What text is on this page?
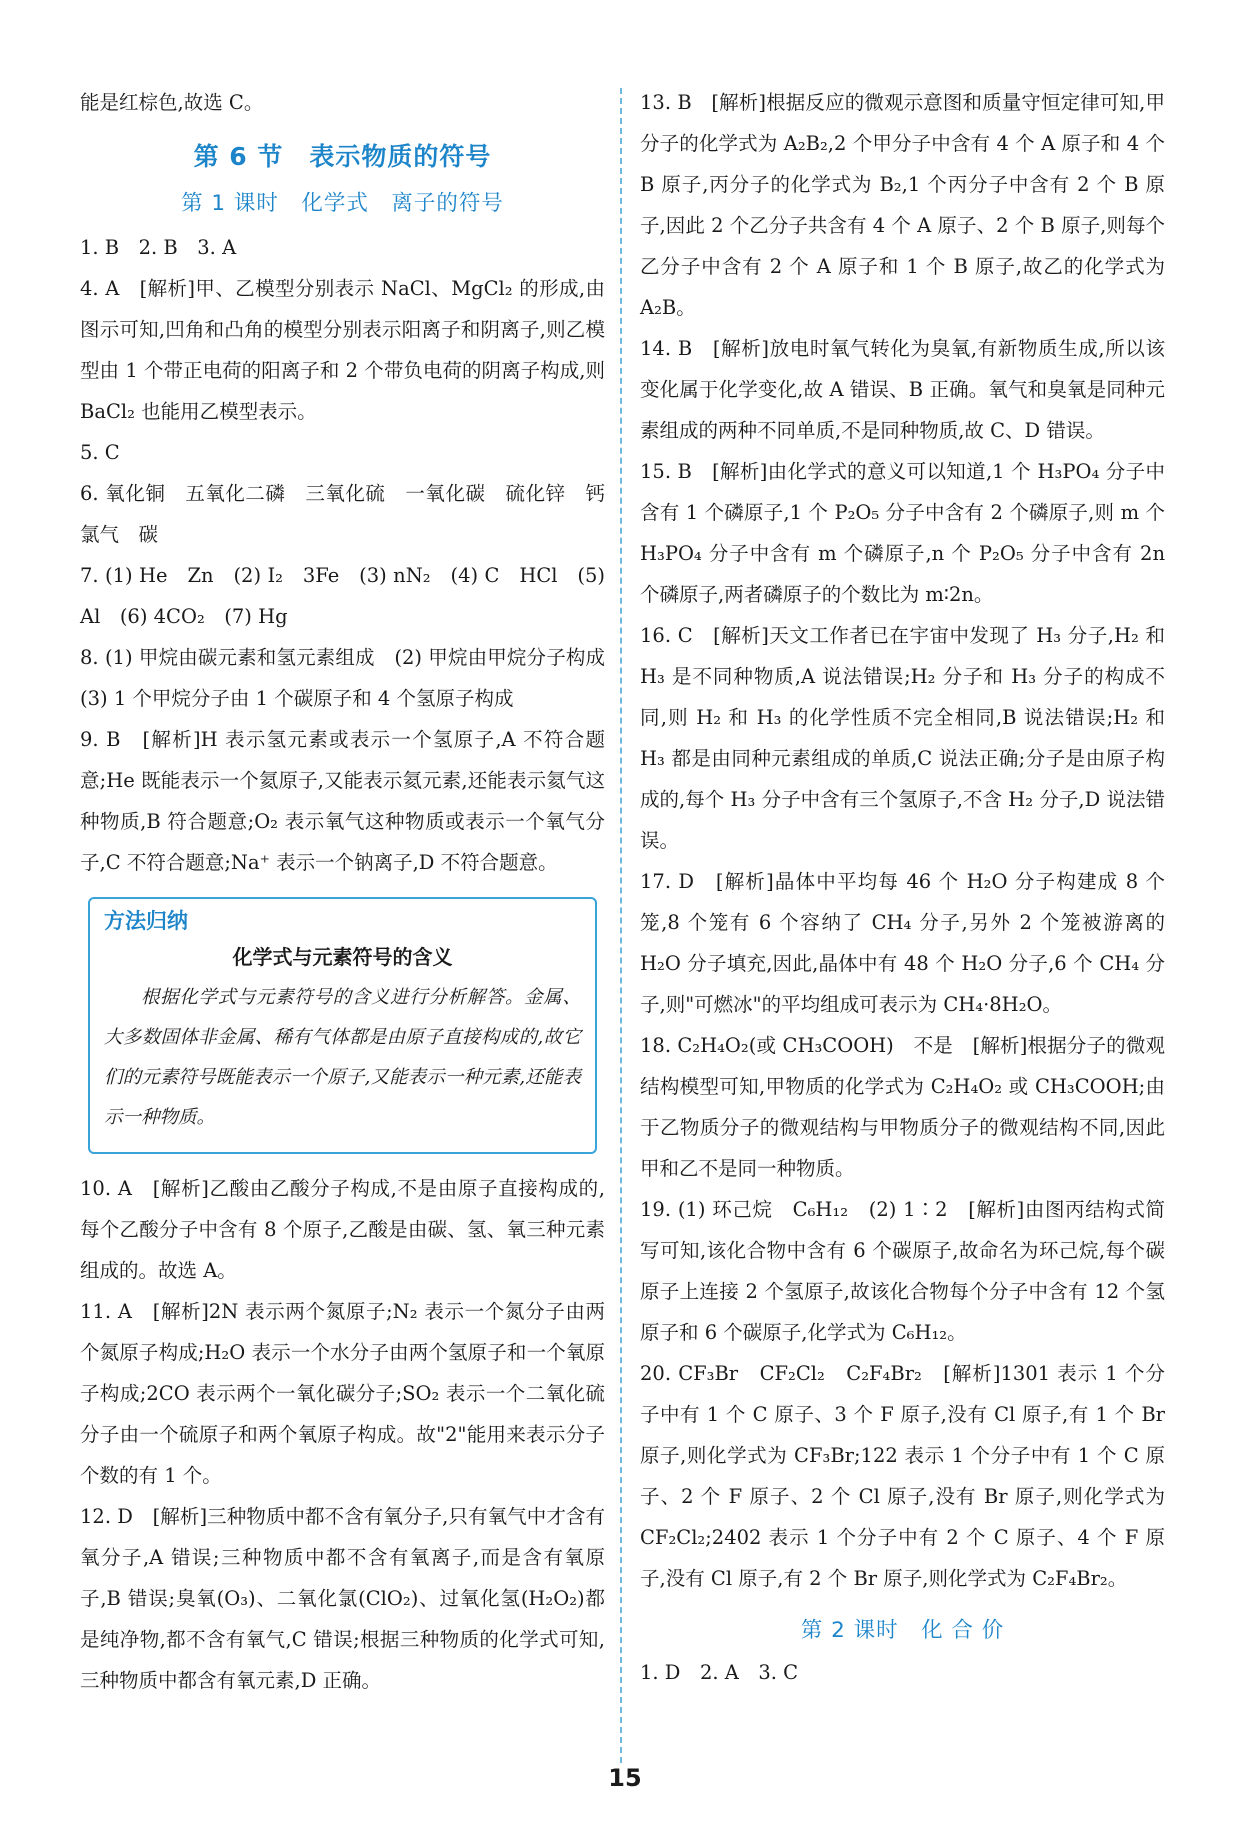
能是红棕色,故选 C。

第 6 节　表示物质的符号
第 1 课时　化学式　离子的符号

1. B　2. B　3. A

4. A　[解析]甲、乙模型分别表示 NaCl、MgCl₂ 的形成,由图示可知,凹角和凸角的模型分别表示阳离子和阴离子,则乙模型由 1 个带正电荷的阳离子和 2 个带负电荷的阴离子构成,则 BaCl₂ 也能用乙模型表示。

5. C

6. 氧化铜　五氧化二磷　三氧化硫　一氧化碳　硫化锌　钙　氯气　碳

7. (1) He　Zn　(2) I₂　3Fe　(3) nN₂　(4) C　HCl　(5) Al　(6) 4CO₂　(7) Hg

8. (1) 甲烷由碳元素和氢元素组成　(2) 甲烷由甲烷分子构成　(3) 1 个甲烷分子由 1 个碳原子和 4 个氢原子构成

9. B　[解析]H 表示氢元素或表示一个氢原子,A 不符合题意;He 既能表示一个氦原子,又能表示氦元素,还能表示氦气这种物质,B 符合题意;O₂ 表示氧气这种物质或表示一个氧气分子,C 不符合题意;Na⁺ 表示一个钠离子,D 不符合题意。

方法归纳
化学式与元素符号的含义

根据化学式与元素符号的含义进行分析解答。金属、大多数固体非金属、稀有气体都是由原子直接构成的,故它们的元素符号既能表示一个原子,又能表示一种元素,还能表示一种物质。

10. A　[解析]乙酸由乙酸分子构成,不是由原子直接构成的,每个乙酸分子中含有 8 个原子,乙酸是由碳、氢、氧三种元素组成的。故选 A。

11. A　[解析]2N 表示两个氮原子;N₂ 表示一个氮分子由两个氮原子构成;H₂O 表示一个水分子由两个氢原子和一个氧原子构成;2CO 表示两个一氧化碳分子;SO₂ 表示一个二氧化硫分子由一个硫原子和两个氧原子构成。故"2"能用来表示分子个数的有 1 个。

12. D　[解析]三种物质中都不含有氧分子,只有氧气中才含有氧分子,A 错误;三种物质中都不含有氧离子,而是含有氧原子,B 错误;臭氧(O₃)、二氧化氯(ClO₂)、过氧化氢(H₂O₂)都是纯净物,都不含有氧气,C 错误;根据三种物质的化学式可知,三种物质中都含有氧元素,D 正确。

13. B　[解析]根据反应的微观示意图和质量守恒定律可知,甲分子的化学式为 A₂B₂,2 个甲分子中含有 4 个 A 原子和 4 个 B 原子,丙分子的化学式为 B₂,1 个丙分子中含有 2 个 B 原子,因此 2 个乙分子共含有 4 个 A 原子、2 个 B 原子,则每个乙分子中含有 2 个 A 原子和 1 个 B 原子,故乙的化学式为 A₂B。

14. B　[解析]放电时氧气转化为臭氧,有新物质生成,所以该变化属于化学变化,故 A 错误、B 正确。氧气和臭氧是同种元素组成的两种不同单质,不是同种物质,故 C、D 错误。

15. B　[解析]由化学式的意义可以知道,1 个 H₃PO₄ 分子中含有 1 个磷原子,1 个 P₂O₅ 分子中含有 2 个磷原子,则 m 个 H₃PO₄ 分子中含有 m 个磷原子,n 个 P₂O₅ 分子中含有 2n 个磷原子,两者磷原子的个数比为 m∶2n。

16. C　[解析]天文工作者已在宇宙中发现了 H₃ 分子,H₂ 和 H₃ 是不同种物质,A 说法错误;H₂ 分子和 H₃ 分子的构成不同,则 H₂ 和 H₃ 的化学性质不完全相同,B 说法错误;H₂ 和 H₃ 都是由同种元素组成的单质,C 说法正确;分子是由原子构成的,每个 H₃ 分子中含有三个氢原子,不含 H₂ 分子,D 说法错误。

17. D　[解析]晶体中平均每 46 个 H₂O 分子构建成 8 个笼,8 个笼有 6 个容纳了 CH₄ 分子,另外 2 个笼被游离的 H₂O 分子填充,因此,晶体中有 48 个 H₂O 分子,6 个 CH₄ 分子,则"可燃冰"的平均组成可表示为 CH₄·8H₂O。

18. C₂H₄O₂(或 CH₃COOH)　不是　[解析]根据分子的微观结构模型可知,甲物质的化学式为 C₂H₄O₂ 或 CH₃COOH;由于乙物质分子的微观结构与甲物质分子的微观结构不同,因此甲和乙不是同一种物质。

19. (1) 环己烷　C₆H₁₂　(2) 1∶2　[解析]由图丙结构式简写可知,该化合物中含有 6 个碳原子,故命名为环己烷,每个碳原子上连接 2 个氢原子,故该化合物每个分子中含有 12 个氢原子和 6 个碳原子,化学式为 C₆H₁₂。

20. CF₃Br　CF₂Cl₂　C₂F₄Br₂　[解析]1301 表示 1 个分子中有 1 个 C 原子、3 个 F 原子,没有 Cl 原子,有 1 个 Br 原子,则化学式为 CF₃Br;122 表示 1 个分子中有 1 个 C 原子、2 个 F 原子、2 个 Cl 原子,没有 Br 原子,则化学式为 CF₂Cl₂;2402 表示 1 个分子中有 2 个 C 原子、4 个 F 原子,没有 Cl 原子,有 2 个 Br 原子,则化学式为 C₂F₄Br₂。

第 2 课时　化 合 价

1. D　2. A　3. C

15
